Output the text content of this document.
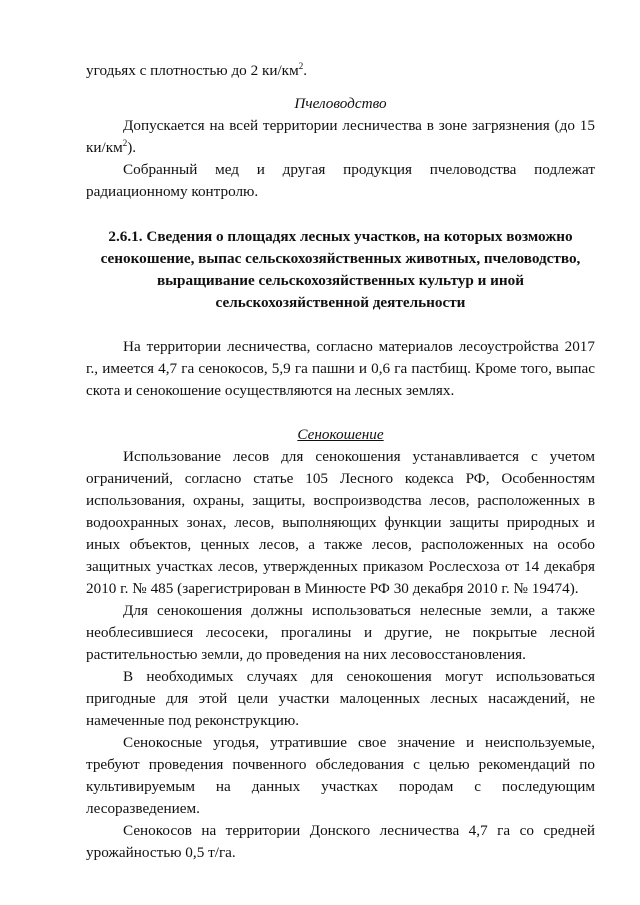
угодьях с плотностью до 2 $ки/км^2$.

Пчеловодство

Допускается на всей территории лесничества в зоне загрязнения (до 15 $ки/км^2$).

Собранный мед и другая продукция пчеловодства подлежат радиационному контролю.

2.6.1. Сведения о площадях лесных участков, на которых возможно
сенокошение, выпас сельскохозяйственных животных, пчеловодство,
выращивание сельскохозяйственных культур и иной
сельскохозяйственной деятельности

На территории лесничества, согласно материалов лесоустройства 2017 г., имеется 4,7 га сенокосов, 5,9 га пашни и 0,6 га пастбищ. Кроме того, выпас скота и сенокошение осуществляются на лесных землях.

Сенокошение

Использование лесов для сенокошения устанавливается с учетом ограничений, согласно статье 105 Лесного кодекса РФ, Особенностям использования, охраны, защиты, воспроизводства лесов, расположенных в водоохранных зонах, лесов, выполняющих функции защиты природных и иных объектов, ценных лесов, а также лесов, расположенных на особо защитных участках лесов, утвержденных приказом Рослесхоза от 14 декабря 2010 г. № 485 (зарегистрирован в Минюсте РФ 30 декабря 2010 г. № 19474).

Для сенокошения должны использоваться нелесные земли, а также необлесившиеся лесосеки, прогалины и другие, не покрытые лесной растительностью земли, до проведения на них лесовосстановления.

В необходимых случаях для сенокошения могут использоваться пригодные для этой цели участки малоценных лесных насаждений, не намеченные под реконструкцию.

Сенокосные угодья, утратившие свое значение и неиспользуемые, требуют проведения почвенного обследования с целью рекомендаций по культивируемым на данных участках породам с последующим лесоразведением.

Сенокосов на территории Донского лесничества 4,7 га со средней урожайностью 0,5 т/га.
